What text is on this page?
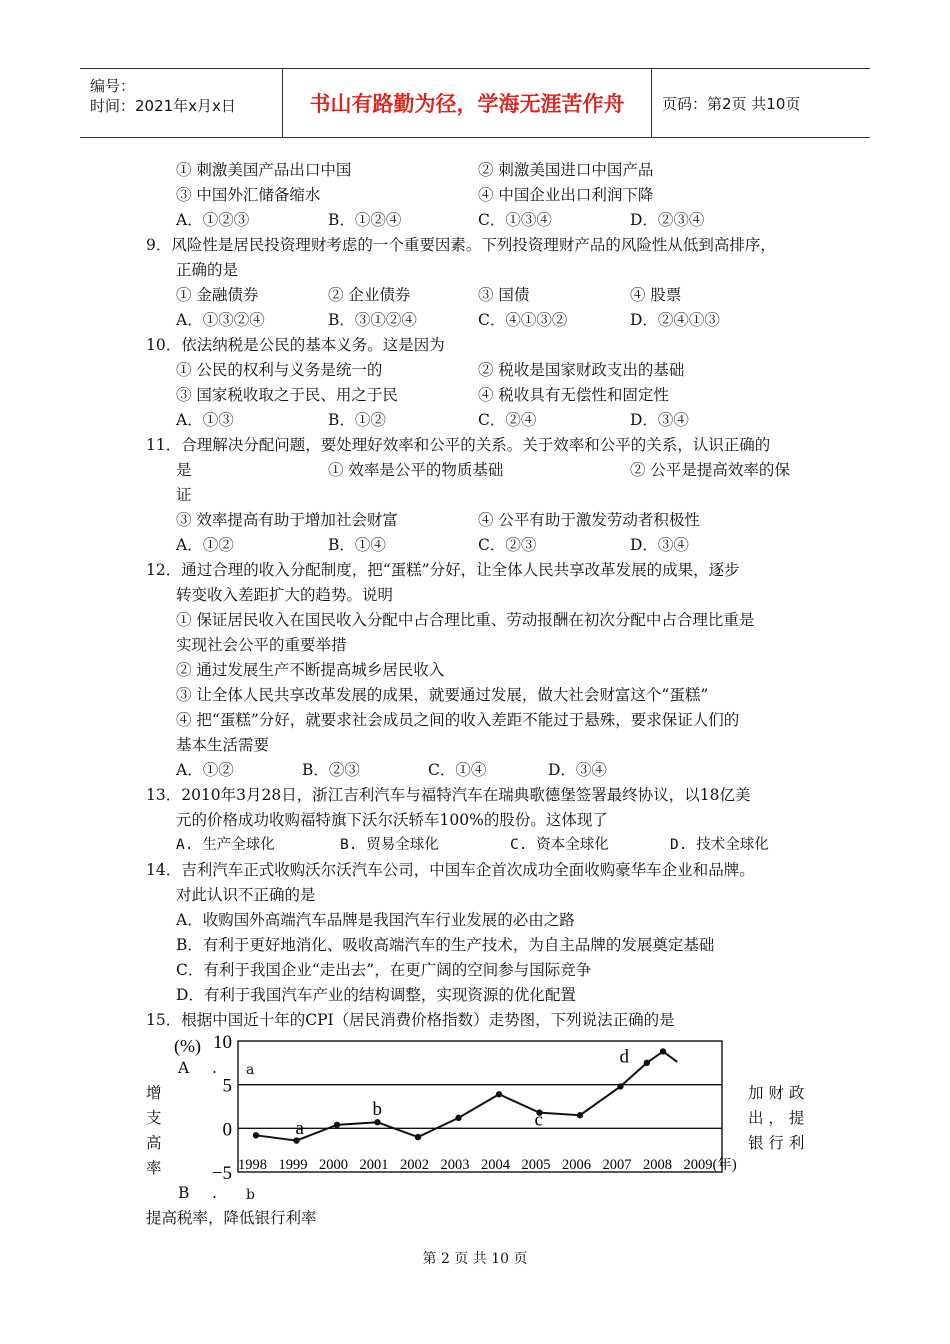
编号：
时间：2021年x月x日	书山有路勤为径，学海无涯苦作舟	页码：第2页 共10页
① 刺激美国产品出口中国	② 刺激美国进口中国产品
③ 中国外汇储备缩水	④ 中国企业出口利润下降
A．①②③	B．①②④	C．①③④	D．②③④
9．风险性是居民投资理财考虑的一个重要因素。下列投资理财产品的风险性从低到高排序，
正确的是
① 金融债券	② 企业债券	③ 国债	④ 股票
A．①③②④	B．③①②④	C．④①③②	D．②④①③
10．依法纳税是公民的基本义务。这是因为
① 公民的权利与义务是统一的	② 税收是国家财政支出的基础
③ 国家税收取之于民、用之于民	④ 税收具有无偿性和固定性
A．①③	B．①②	C．②④	D．③④
11．合理解决分配问题，要处理好效率和公平的关系。关于效率和公平的关系，认识正确的
是	① 效率是公平的物质基础	② 公平是提高效率的保
证
③ 效率提高有助于增加社会财富	④ 公平有助于激发劳动者积极性
A．①②	B．①④	C．②③	D．③④
12．通过合理的收入分配制度，把“蛋糕”分好，让全体人民共享改革发展的成果，逐步
转变收入差距扩大的趋势。说明
① 保证居民收入在国民收入分配中占合理比重、劳动报酬在初次分配中占合理比重是
实现社会公平的重要举措
② 通过发展生产不断提高城乡居民收入
③ 让全体人民共享改革发展的成果，就要通过发展，做大社会财富这个“蛋糕”
④ 把“蛋糕”分好，就要求社会成员之间的收入差距不能过于悬殊，要求保证人们的
基本生活需要
A．①②	B．②③	C．①④	D．③④
13．2010年3月28日，浙江吉利汽车与福特汽车在瑞典歌德堡签署最终协议，以18亿美
元的价格成功收购福特旗下沃尔沃轿车100%的股份。这体现了
A. 生产全球化	B. 贸易全球化	C. 资本全球化	D. 技术全球化
14．吉利汽车正式收购沃尔沃汽车公司，中国车企首次成功全面收购豪华车企业和品牌。
对此认识不正确的是
A．收购国外高端汽车品牌是我国汽车行业发展的必由之路
B．有利于更好地消化、吸收高端汽车的生产技术，为自主品牌的发展奠定基础
C．有利于我国企业“走出去”，在更广阔的空间参与国际竞争
D．有利于我国汽车产业的结构调整，实现资源的优化配置
15．根据中国近十年的CPI（居民消费价格指数）走势图，下列说法正确的是
A . a
增
支
高
率
加 财 政
出 ， 提
银 行 利
B . b
提高税率，降低银行利率
(%) 10
5
0
−5 1998 1999 2000 2001 2002 2003 2004 2005 2006 2007 2008 2009(年)
a
b	c
d
第 2 页 共 10 页
